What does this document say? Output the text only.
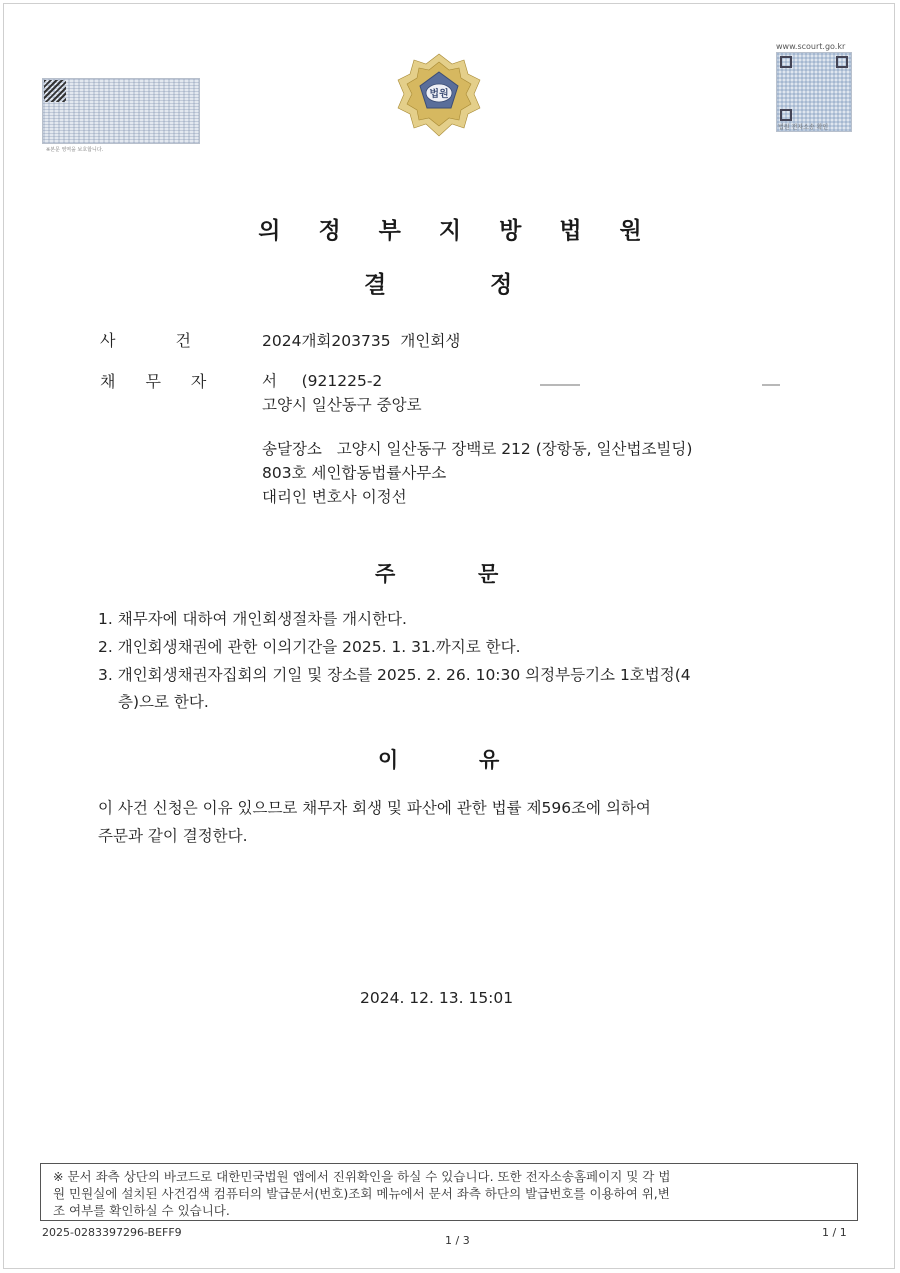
※본문 영역을 보호합니다.
www.scourt.go.kr
법원 전자소송 확인
법원
의정부지방법원
결	정
사건	2024개회203735 개인회생
채무자	서 (921225-2
고양시 일산동구 중앙로
송달장소 고양시 일산동구 장백로 212 (장항동, 일산법조빌딩)
803호 세인합동법률사무소
대리인 변호사 이정선
주	문
1. 채무자에 대하여 개인회생절차를 개시한다.
2. 개인회생채권에 관한 이의기간을 2025. 1. 31.까지로 한다.
3. 개인회생채권자집회의 기일 및 장소를 2025. 2. 26. 10:30 의정부등기소 1호법정(4
층)으로 한다.
이	유
이 사건 신청은 이유 있으므로 채무자 회생 및 파산에 관한 법률 제596조에 의하여
주문과 같이 결정한다.
2024. 12. 13. 15:01
※ 문서 좌측 상단의 바코드로 대한민국법원 앱에서 진위확인을 하실 수 있습니다. 또한 전자소송홈페이지 및 각 법
원 민원실에 설치된 사건검색 컴퓨터의 발급문서(번호)조회 메뉴에서 문서 좌측 하단의 발급번호를 이용하여 위,변
조 여부를 확인하실 수 있습니다.
2025-0283397296-BEFF9
1 / 3
1 / 1
